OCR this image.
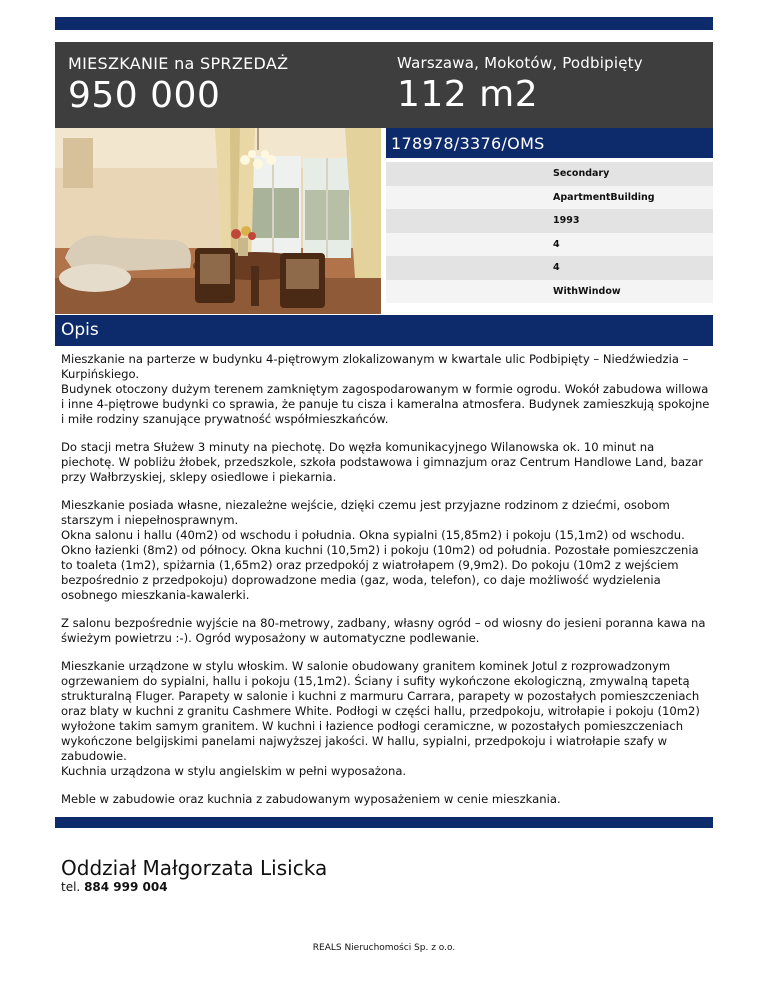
MIESZKANIE na SPRZEDAŻ
950 000
Warszawa, Mokotów, Podbipięty
112 m2
178978/3376/OMS
Secondary
ApartmentBuilding
1993
4
4
WithWindow
Opis

Mieszkanie na parterze w budynku 4-piętrowym zlokalizowanym w kwartale ulic Podbipięty – Niedźwiedzia – Kurpińskiego.
Budynek otoczony dużym terenem zamkniętym zagospodarowanym w formie ogrodu. Wokół zabudowa willowa i inne 4-piętrowe budynki co sprawia, że panuje tu cisza i kameralna atmosfera. Budynek zamieszkują spokojne i miłe rodziny szanujące prywatność współmieszkańców.

Do stacji metra Służew 3 minuty na piechotę. Do węzła komunikacyjnego Wilanowska ok. 10 minut na piechotę. W pobliżu żłobek, przedszkole, szkoła podstawowa i gimnazjum oraz Centrum Handlowe Land, bazar przy Wałbrzyskiej, sklepy osiedlowe i piekarnia.

Mieszkanie posiada własne, niezależne wejście, dzięki czemu jest przyjazne rodzinom z dziećmi, osobom starszym i niepełnosprawnym.
Okna salonu i hallu (40m2) od wschodu i południa. Okna sypialni (15,85m2) i pokoju (15,1m2) od wschodu. Okno łazienki (8m2) od północy. Okna kuchni (10,5m2) i pokoju (10m2) od południa. Pozostałe pomieszczenia to toaleta (1m2), spiżarnia (1,65m2) oraz przedpokój z wiatrołapem (9,9m2). Do pokoju (10m2 z wejściem bezpośrednio z przedpokoju) doprowadzone media (gaz, woda, telefon), co daje możliwość wydzielenia osobnego mieszkania-kawalerki.

Z salonu bezpośrednie wyjście na 80-metrowy, zadbany, własny ogród – od wiosny do jesieni poranna kawa na świeżym powietrzu :-). Ogród wyposażony w automatyczne podlewanie.

Mieszkanie urządzone w stylu włoskim. W salonie obudowany granitem kominek Jotul z rozprowadzonym ogrzewaniem do sypialni, hallu i pokoju (15,1m2). Ściany i sufity wykończone ekologiczną, zmywalną tapetą strukturalną Fluger. Parapety w salonie i kuchni z marmuru Carrara, parapety w pozostałych pomieszczeniach oraz blaty w kuchni z granitu Cashmere White. Podłogi w części hallu, przedpokoju, witrołapie i pokoju (10m2) wyłożone takim samym granitem. W kuchni i łazience podłogi ceramiczne, w pozostałych pomieszczeniach wykończone belgijskimi panelami najwyższej jakości. W hallu, sypialni, przedpokoju i wiatrołapie szafy w zabudowie.
Kuchnia urządzona w stylu angielskim w pełni wyposażona.

Meble w zabudowie oraz kuchnia z zabudowanym wyposażeniem w cenie mieszkania.

Oddział Małgorzata Lisicka
tel. 884 999 004
REALS Nieruchomości Sp. z o.o.
